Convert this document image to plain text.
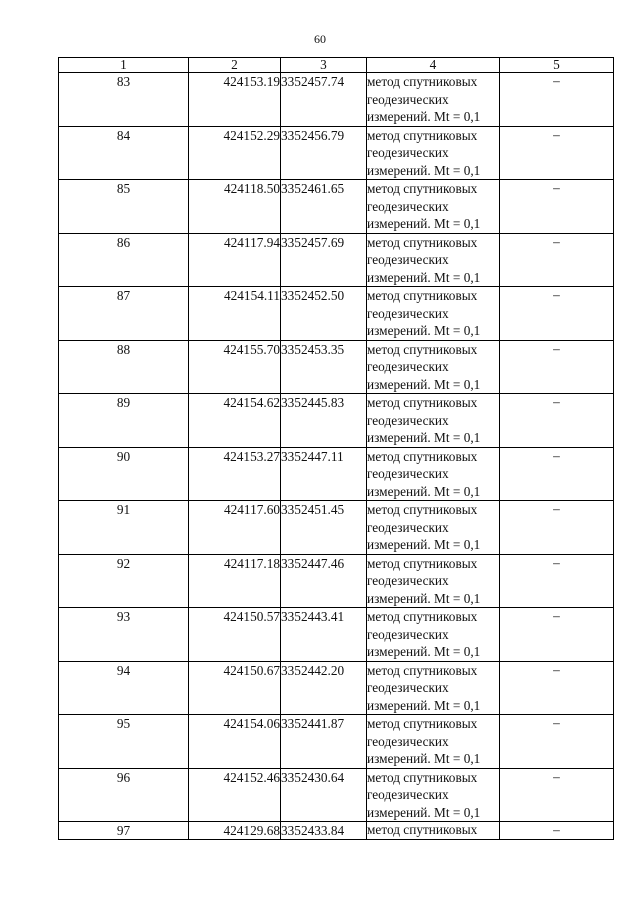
60
1	2	3	4	5
83	424153.19	3352457.74	метод спутниковых
геодезических
измерений. Mt = 0,1	–
84	424152.29	3352456.79	метод спутниковых
геодезических
измерений. Mt = 0,1	–
85	424118.50	3352461.65	метод спутниковых
геодезических
измерений. Mt = 0,1	–
86	424117.94	3352457.69	метод спутниковых
геодезических
измерений. Mt = 0,1	–
87	424154.11	3352452.50	метод спутниковых
геодезических
измерений. Mt = 0,1	–
88	424155.70	3352453.35	метод спутниковых
геодезических
измерений. Mt = 0,1	–
89	424154.62	3352445.83	метод спутниковых
геодезических
измерений. Mt = 0,1	–
90	424153.27	3352447.11	метод спутниковых
геодезических
измерений. Mt = 0,1	–
91	424117.60	3352451.45	метод спутниковых
геодезических
измерений. Mt = 0,1	–
92	424117.18	3352447.46	метод спутниковых
геодезических
измерений. Mt = 0,1	–
93	424150.57	3352443.41	метод спутниковых
геодезических
измерений. Mt = 0,1	–
94	424150.67	3352442.20	метод спутниковых
геодезических
измерений. Mt = 0,1	–
95	424154.06	3352441.87	метод спутниковых
геодезических
измерений. Mt = 0,1	–
96	424152.46	3352430.64	метод спутниковых
геодезических
измерений. Mt = 0,1	–
97	424129.68	3352433.84	метод спутниковых	–
